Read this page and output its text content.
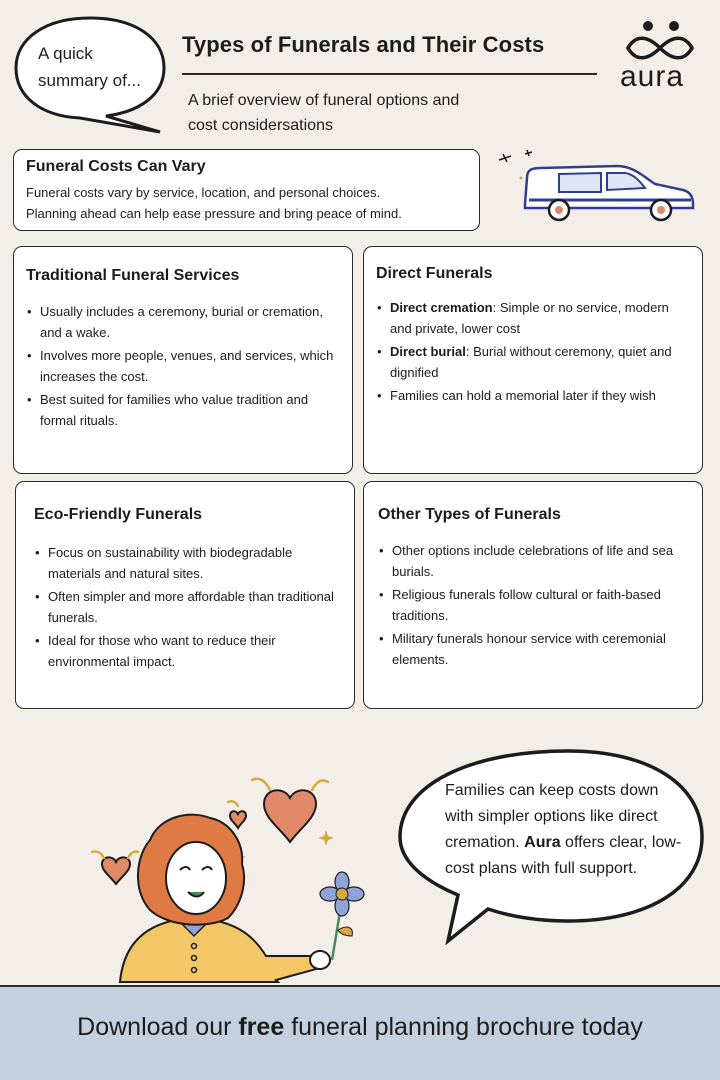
A quick
summary of...
Types of Funerals and Their Costs
A brief overview of funeral options and
cost considersations
aura
Funeral Costs Can Vary

Funeral costs vary by service, location, and personal choices.

Planning ahead can help ease pressure and bring peace of mind.

Traditional Funeral Services
• Usually includes a ceremony, burial or cremation, and a wake.
• Involves more people, venues, and services, which increases the cost.
• Best suited for families who value tradition and formal rituals.
Direct Funerals
• Direct cremation: Simple or no service, modern and private, lower cost
• Direct burial: Burial without ceremony, quiet and dignified
• Families can hold a memorial later if they wish
Eco-Friendly Funerals
• Focus on sustainability with biodegradable materials and natural sites.
• Often simpler and more affordable than traditional funerals.
• Ideal for those who want to reduce their environmental impact.
Other Types of Funerals
• Other options include celebrations of life and sea burials.
• Religious funerals follow cultural or faith-based traditions.
• Military funerals honour service with ceremonial elements.
Families can keep costs down with simpler options like direct cremation. Aura offers clear, low-cost plans with full support.
Download our free funeral planning brochure today
